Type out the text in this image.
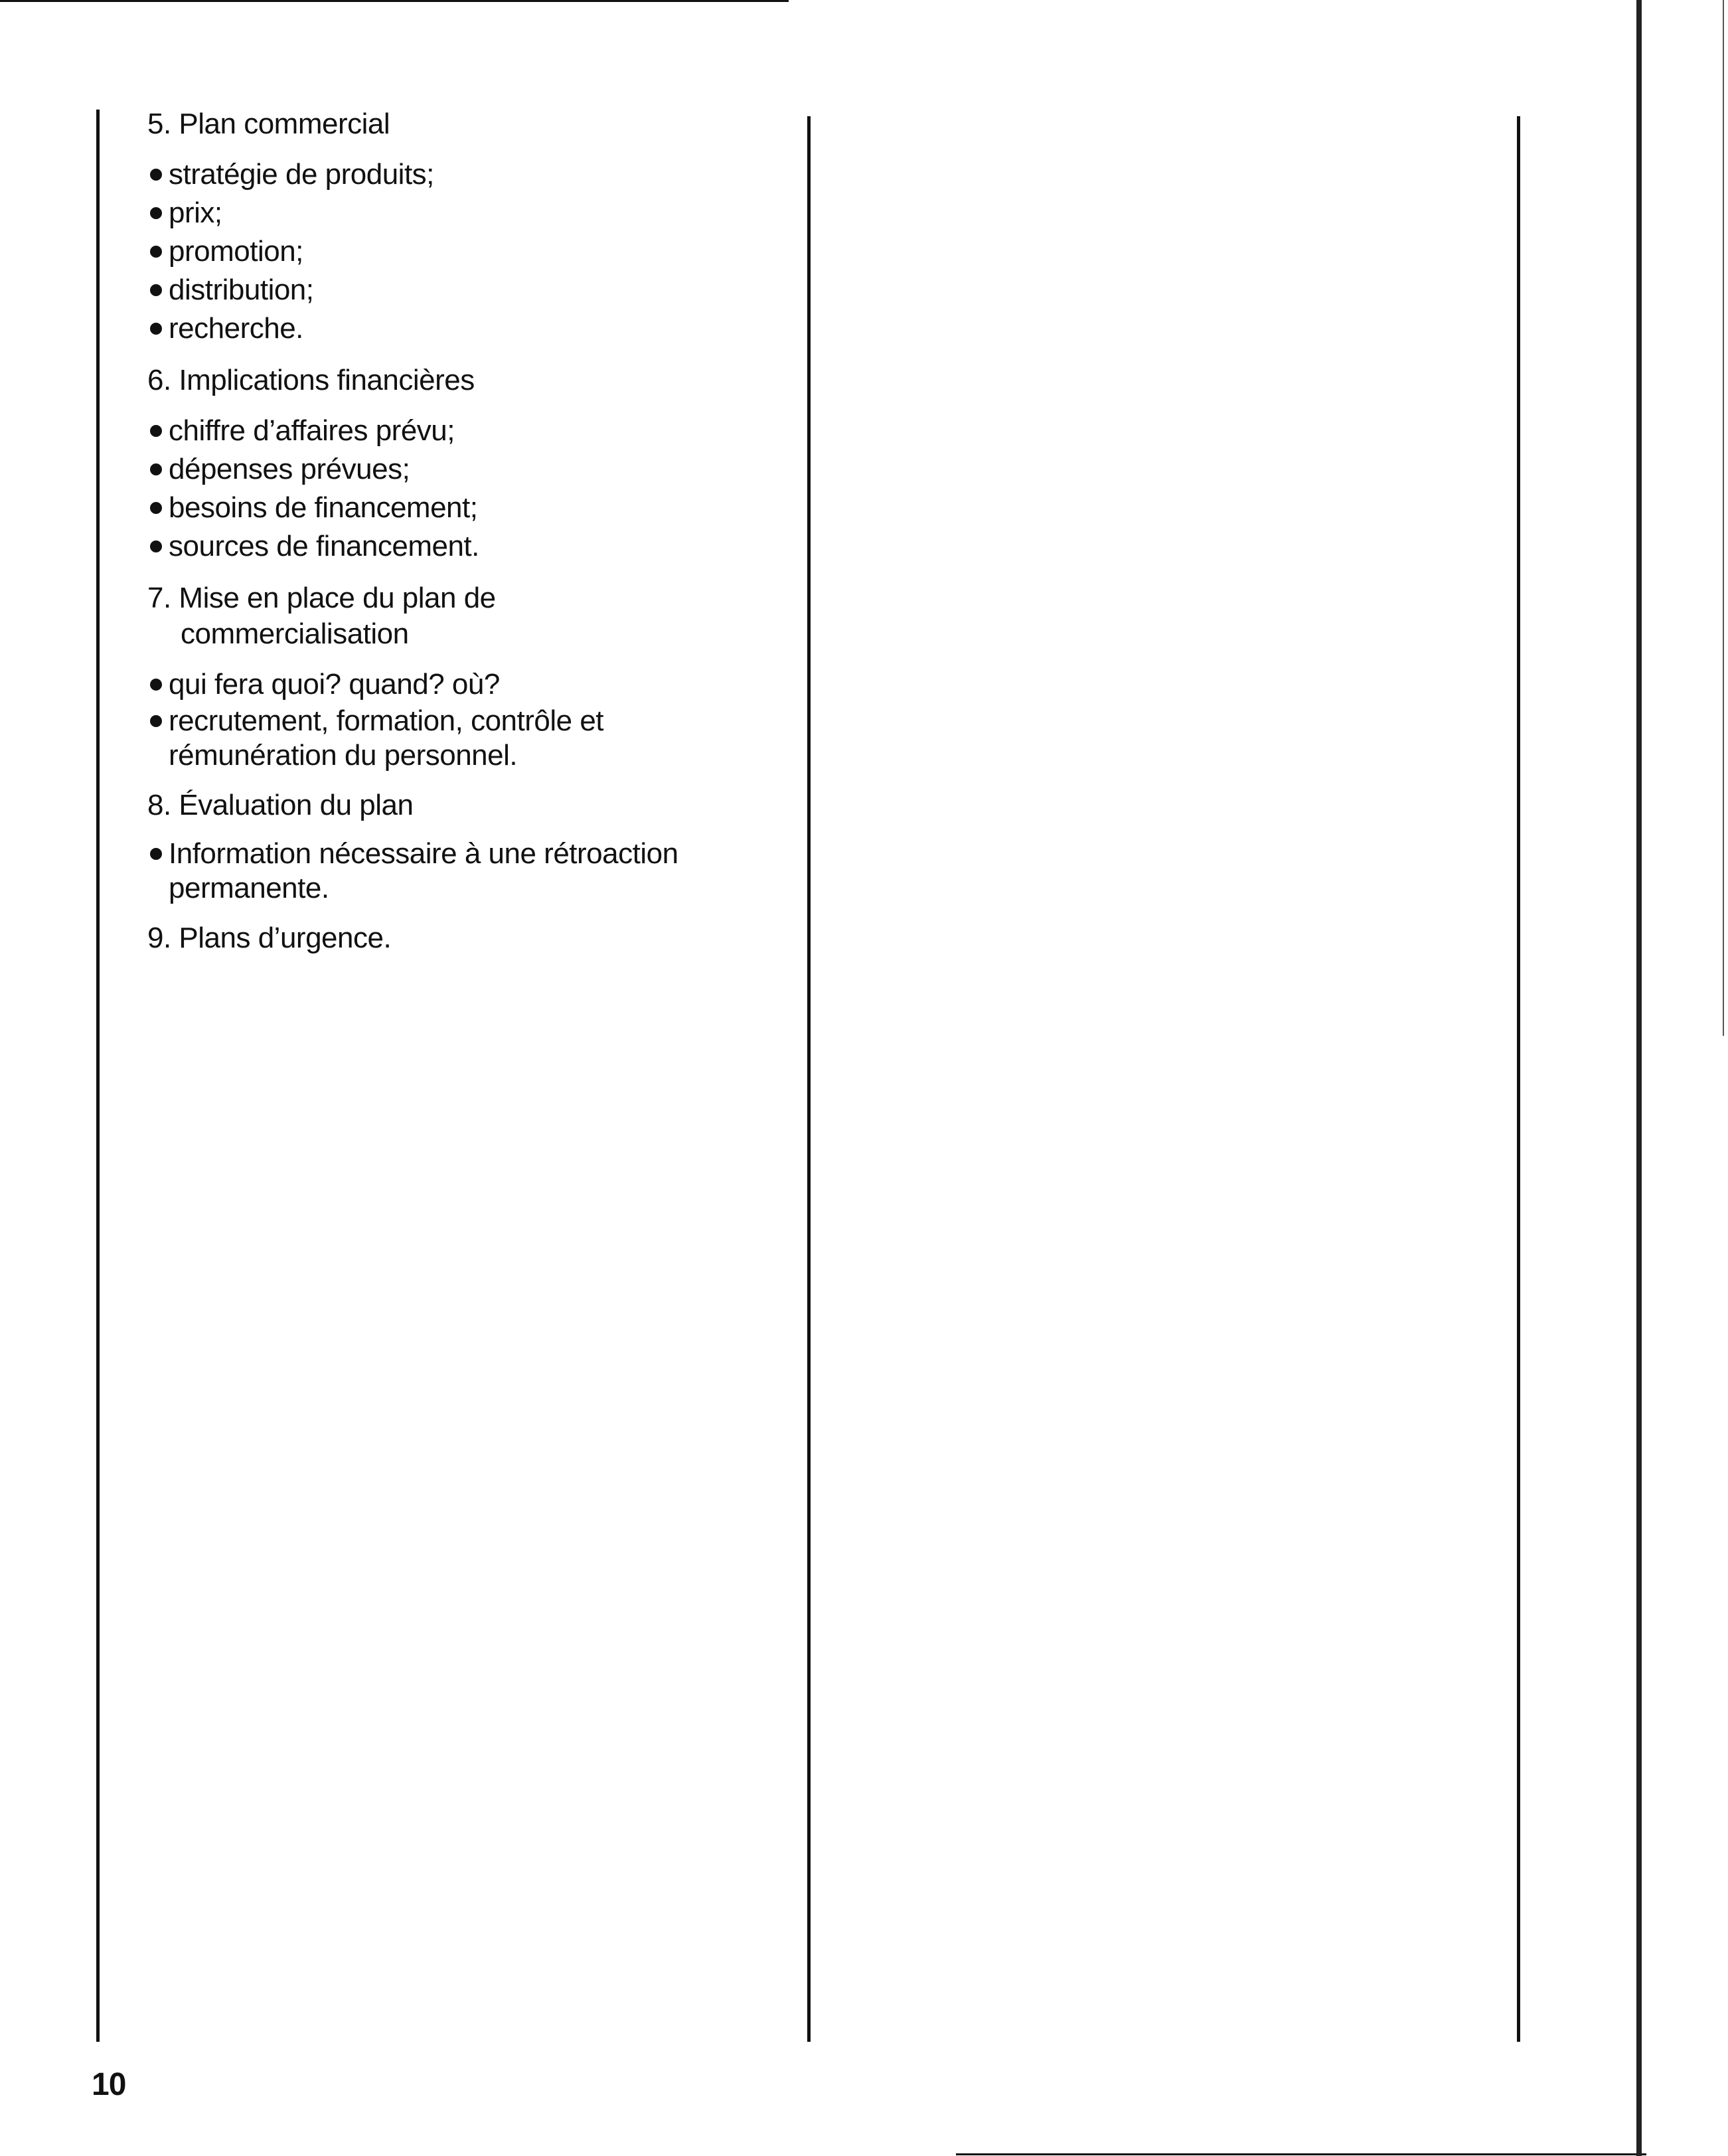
5. Plan commercial

stratégie de produits;
prix;
promotion;
distribution;
recherche.

6. Implications financières

chiffre d’affaires prévu;
dépenses prévues;
besoins de financement;
sources de financement.

7. Mise en place du plan de
commercialisation

qui fera quoi? quand? où?
recrutement, formation, contrôle et rémunération du personnel.

8. Évaluation du plan

Information nécessaire à une rétroaction permanente.

9. Plans d’urgence.

10
